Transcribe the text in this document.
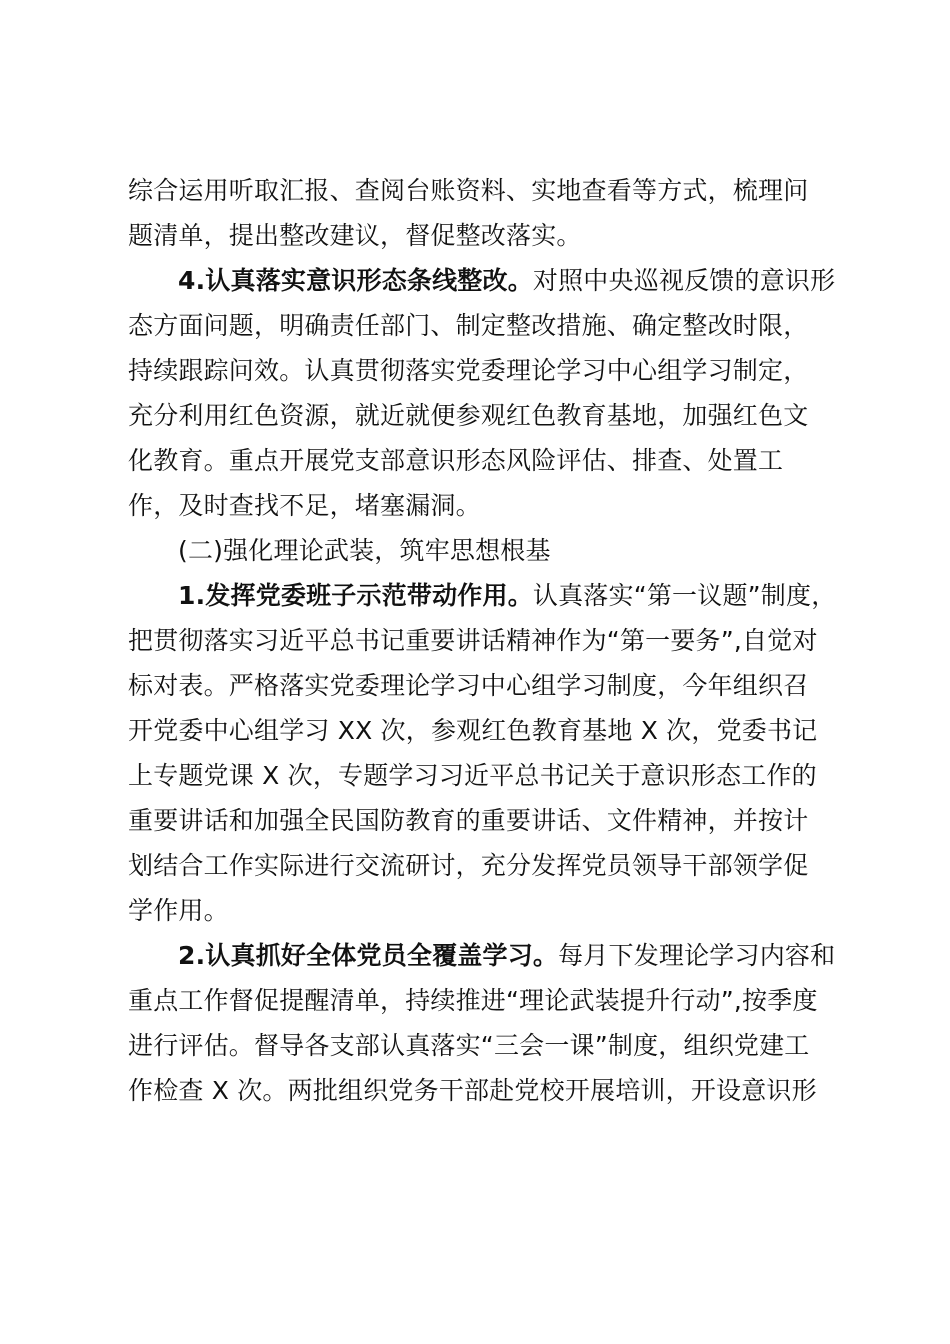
综合运用听取汇报、查阅台账资料、实地查看等方式，梳理问
题清单，提出整改建议，督促整改落实。
4.认真落实意识形态条线整改。对照中央巡视反馈的意识形
态方面问题，明确责任部门、制定整改措施、确定整改时限，
持续跟踪问效。认真贯彻落实党委理论学习中心组学习制定，
充分利用红色资源，就近就便参观红色教育基地，加强红色文
化教育。重点开展党支部意识形态风险评估、排查、处置工
作，及时查找不足，堵塞漏洞。
(二)强化理论武装，筑牢思想根基
1.发挥党委班子示范带动作用。认真落实“第一议题”制度，
把贯彻落实习近平总书记重要讲话精神作为“第一要务”,自觉对
标对表。严格落实党委理论学习中心组学习制度，今年组织召
开党委中心组学习 XX 次，参观红色教育基地 X 次，党委书记
上专题党课 X 次，专题学习习近平总书记关于意识形态工作的
重要讲话和加强全民国防教育的重要讲话、文件精神，并按计
划结合工作实际进行交流研讨，充分发挥党员领导干部领学促
学作用。
2.认真抓好全体党员全覆盖学习。每月下发理论学习内容和
重点工作督促提醒清单，持续推进“理论武装提升行动”,按季度
进行评估。督导各支部认真落实“三会一课”制度，组织党建工
作检查 X 次。两批组织党务干部赴党校开展培训，开设意识形
